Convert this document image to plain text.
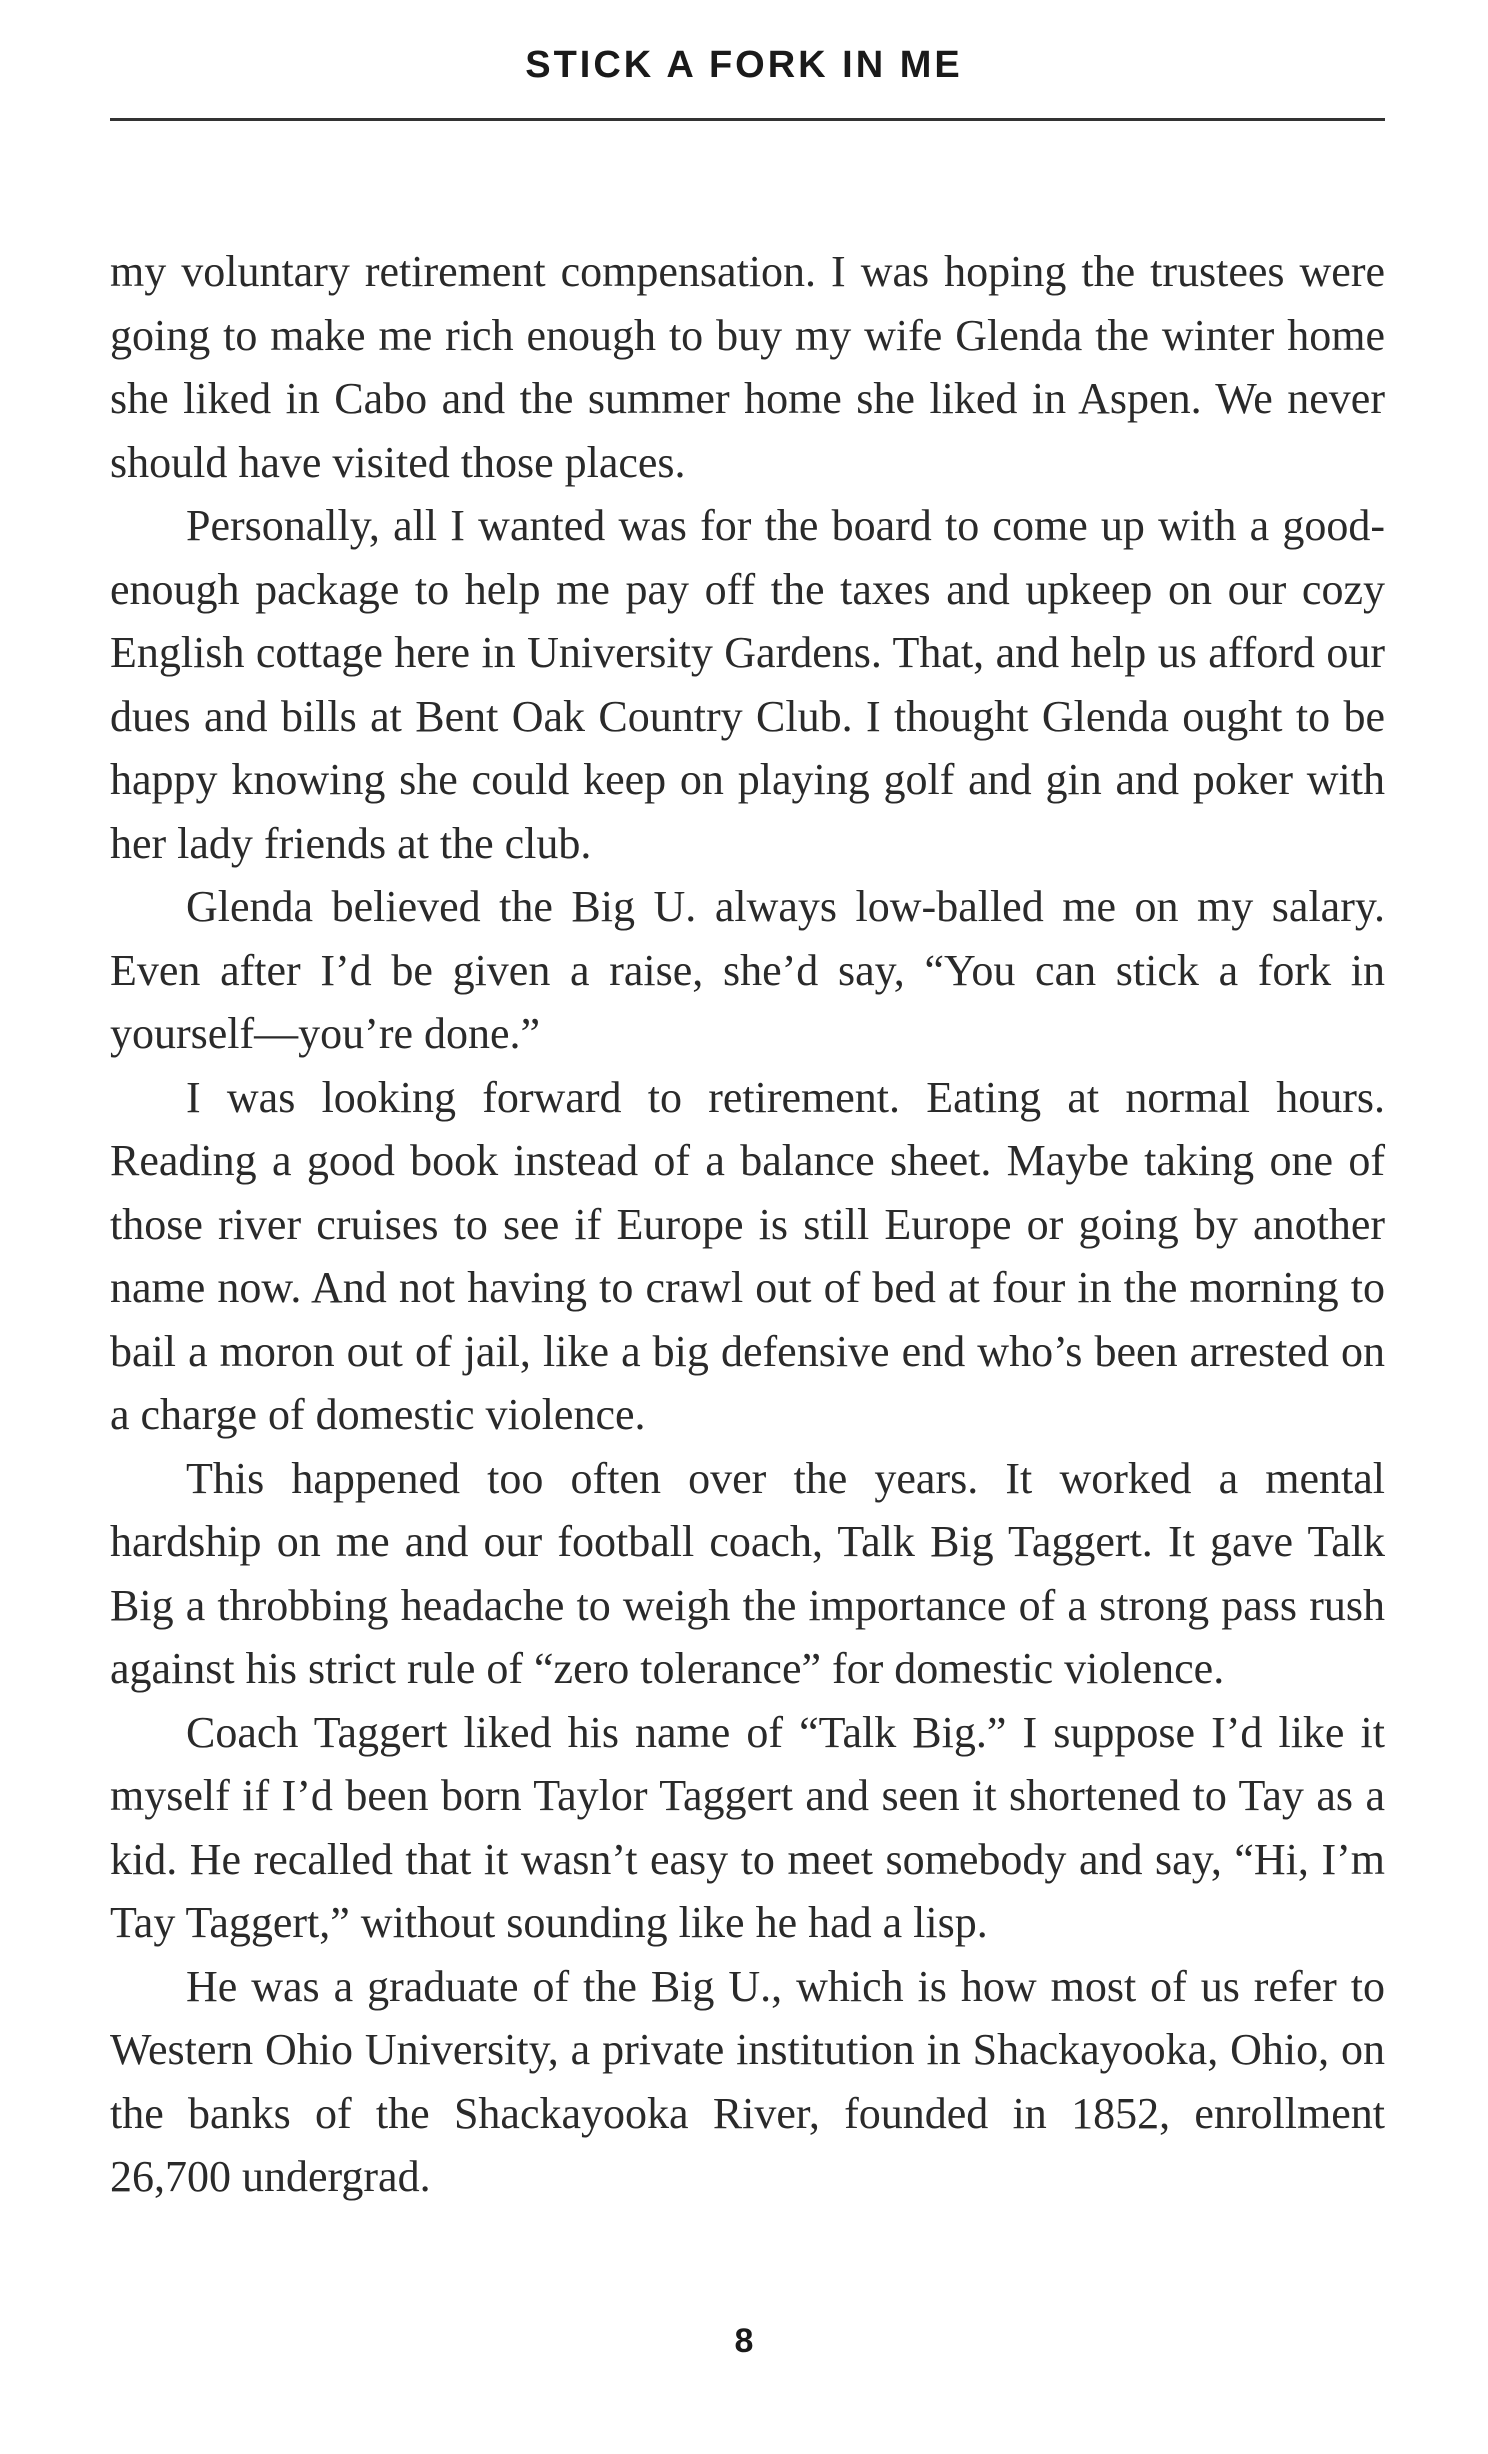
STICK A FORK IN ME

my voluntary retirement compensation. I was hoping the trustees were going to make me rich enough to buy my wife Glenda the winter home she liked in Cabo and the summer home she liked in Aspen. We never should have visited those places.

Personally, all I wanted was for the board to come up with a good-enough package to help me pay off the taxes and upkeep on our cozy English cottage here in University Gardens. That, and help us afford our dues and bills at Bent Oak Country Club. I thought Glenda ought to be happy knowing she could keep on playing golf and gin and poker with her lady friends at the club.

Glenda believed the Big U. always low-balled me on my salary. Even after I’d be given a raise, she’d say, “You can stick a fork in yourself—you’re done.”

I was looking forward to retirement. Eating at normal hours. Reading a good book instead of a balance sheet. Maybe taking one of those river cruises to see if Europe is still Europe or going by another name now. And not having to crawl out of bed at four in the morning to bail a moron out of jail, like a big defensive end who’s been arrested on a charge of domestic violence.

This happened too often over the years. It worked a mental hardship on me and our football coach, Talk Big Taggert. It gave Talk Big a throbbing headache to weigh the importance of a strong pass rush against his strict rule of “zero tolerance” for domestic violence.

Coach Taggert liked his name of “Talk Big.” I suppose I’d like it myself if I’d been born Taylor Taggert and seen it shortened to Tay as a kid. He recalled that it wasn’t easy to meet somebody and say, “Hi, I’m Tay Taggert,” without sounding like he had a lisp.

He was a graduate of the Big U., which is how most of us refer to Western Ohio University, a private institution in Shackayooka, Ohio, on the banks of the Shackayooka River, founded in 1852, enrollment 26,700 undergrad.

8
